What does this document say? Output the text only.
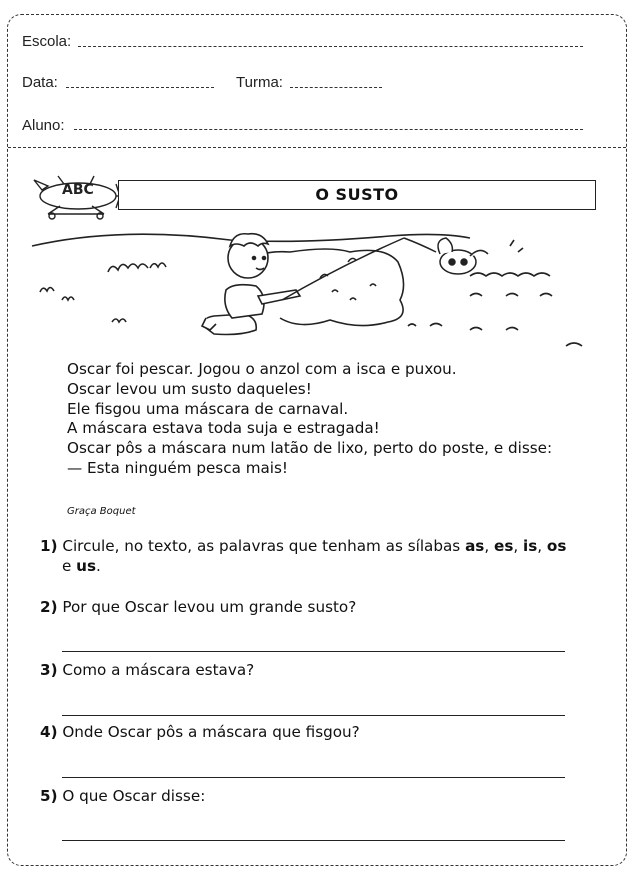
Escola:
Data:	Turma:
Aluno:
ABC	O SUSTO
Oscar foi pescar. Jogou o anzol com a isca e puxou.
Oscar levou um susto daqueles!
Ele fisgou uma máscara de carnaval.
A máscara estava toda suja e estragada!
Oscar pôs a máscara num latão de lixo, perto do poste, e disse:
— Esta ninguém pesca mais!
Graça Boquet
1) Circule, no texto, as palavras que tenham as sílabas as, es, is, os
e us.
2) Por que Oscar levou um grande susto?
3) Como a máscara estava?
4) Onde Oscar pôs a máscara que fisgou?
5) O que Oscar disse:
